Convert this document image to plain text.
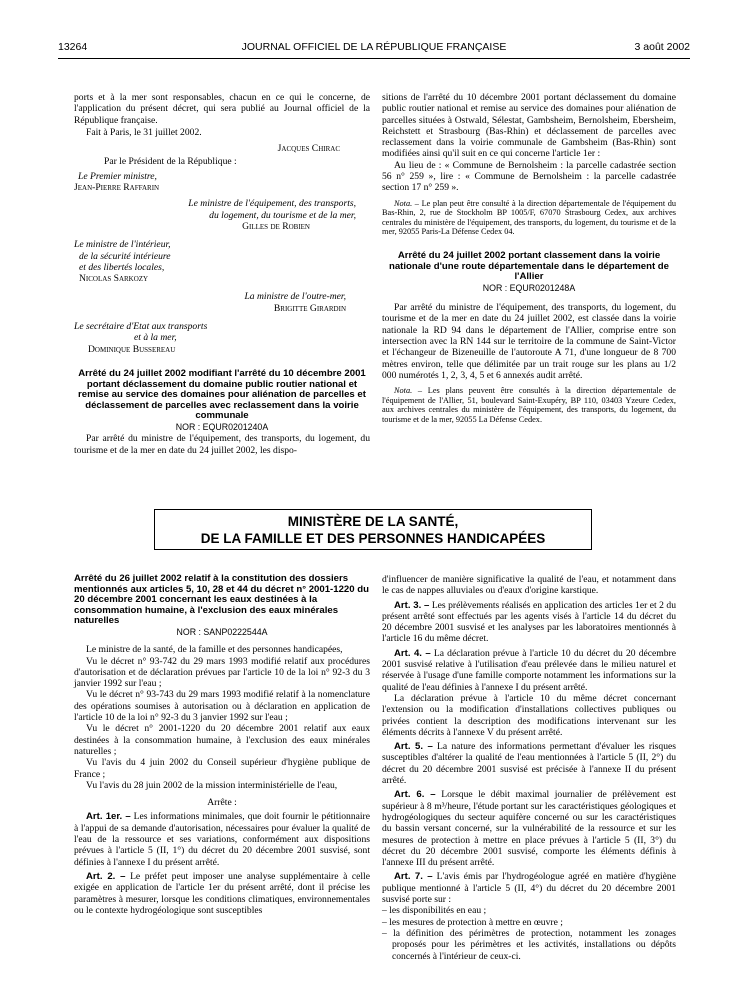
13264	JOURNAL OFFICIEL DE LA RÉPUBLIQUE FRANÇAISE	3 août 2002

ports et à la mer sont responsables, chacun en ce qui le concerne, de l'application du présent décret, qui sera publié au Journal officiel de la République française.

Fait à Paris, le 31 juillet 2002.

Jacques Chirac

Par le Président de la République :

Le Premier ministre,

Jean-Pierre Raffarin

Le ministre de l'équipement, des transports,

du logement, du tourisme et de la mer,

Gilles de Robien

Le ministre de l'intérieur,

de la sécurité intérieure

et des libertés locales,

Nicolas Sarkozy

La ministre de l'outre-mer,

Brigitte Girardin

Le secrétaire d'Etat aux transports

et à la mer,

Dominique Bussereau

Arrêté du 24 juillet 2002 modifiant l'arrêté du 10 décembre 2001 portant déclassement du domaine public routier national et remise au service des domaines pour aliénation de parcelles et déclassement de parcelles avec reclassement dans la voirie communale

NOR : EQUR0201240A

Par arrêté du ministre de l'équipement, des transports, du logement, du tourisme et de la mer en date du 24 juillet 2002, les dispo-

sitions de l'arrêté du 10 décembre 2001 portant déclassement du domaine public routier national et remise au service des domaines pour aliénation de parcelles situées à Ostwald, Sélestat, Gambsheim, Bernolsheim, Ebersheim, Reichstett et Strasbourg (Bas-Rhin) et déclassement de parcelles avec reclassement dans la voirie communale de Gambsheim (Bas-Rhin) sont modifiées ainsi qu'il suit en ce qui concerne l'article 1er :

Au lieu de : « Commune de Bernolsheim : la parcelle cadastrée section 56 n° 259 », lire : « Commune de Bernolsheim : la parcelle cadastrée section 17 n° 259 ».

Nota. – Le plan peut être consulté à la direction départementale de l'équipement du Bas-Rhin, 2, rue de Stockholm BP 1005/F, 67070 Strasbourg Cedex, aux archives centrales du ministère de l'équipement, des transports, du logement, du tourisme et de la mer, 92055 Paris-La Défense Cedex 04.

Arrêté du 24 juillet 2002 portant classement dans la voirie nationale d'une route départementale dans le département de l'Allier

NOR : EQUR0201248A

Par arrêté du ministre de l'équipement, des transports, du logement, du tourisme et de la mer en date du 24 juillet 2002, est classée dans la voirie nationale la RD 94 dans le département de l'Allier, comprise entre son intersection avec la RN 144 sur le territoire de la commune de Saint-Victor et l'échangeur de Bizeneuille de l'autoroute A 71, d'une longueur de 8 700 mètres environ, telle que délimitée par un trait rouge sur les plans au 1/2 000 numérotés 1, 2, 3, 4, 5 et 6 annexés audit arrêté.

Nota. – Les plans peuvent être consultés à la direction départementale de l'équipement de l'Allier, 51, boulevard Saint-Exupéry, BP 110, 03403 Yzeure Cedex, aux archives centrales du ministère de l'équipement, des transports, du logement, du tourisme et de la mer, 92055 La Défense Cedex.

MINISTÈRE DE LA SANTÉ,
DE LA FAMILLE ET DES PERSONNES HANDICAPÉES

Arrêté du 26 juillet 2002 relatif à la constitution des dossiers mentionnés aux articles 5, 10, 28 et 44 du décret n° 2001-1220 du 20 décembre 2001 concernant les eaux destinées à la consommation humaine, à l'exclusion des eaux minérales naturelles

NOR : SANP0222544A

Le ministre de la santé, de la famille et des personnes handicapées,

Vu le décret n° 93-742 du 29 mars 1993 modifié relatif aux procédures d'autorisation et de déclaration prévues par l'article 10 de la loi n° 92-3 du 3 janvier 1992 sur l'eau ;

Vu le décret n° 93-743 du 29 mars 1993 modifié relatif à la nomenclature des opérations soumises à autorisation ou à déclaration en application de l'article 10 de la loi n° 92-3 du 3 janvier 1992 sur l'eau ;

Vu le décret n° 2001-1220 du 20 décembre 2001 relatif aux eaux destinées à la consommation humaine, à l'exclusion des eaux minérales naturelles ;

Vu l'avis du 4 juin 2002 du Conseil supérieur d'hygiène publique de France ;

Vu l'avis du 28 juin 2002 de la mission interministérielle de l'eau,

Arrête :

Art. 1er. – Les informations minimales, que doit fournir le pétitionnaire à l'appui de sa demande d'autorisation, nécessaires pour évaluer la qualité de l'eau de la ressource et ses variations, conformément aux dispositions prévues à l'article 5 (II, 1°) du décret du 20 décembre 2001 susvisé, sont définies à l'annexe I du présent arrêté.

Art. 2. – Le préfet peut imposer une analyse supplémentaire à celle exigée en application de l'article 1er du présent arrêté, dont il précise les paramètres à mesurer, lorsque les conditions climatiques, environnementales ou le contexte hydrogéologique sont susceptibles

d'influencer de manière significative la qualité de l'eau, et notamment dans le cas de nappes alluviales ou d'eaux d'origine karstique.

Art. 3. – Les prélèvements réalisés en application des articles 1er et 2 du présent arrêté sont effectués par les agents visés à l'article 14 du décret du 20 décembre 2001 susvisé et les analyses par les laboratoires mentionnés à l'article 16 du même décret.

Art. 4. – La déclaration prévue à l'article 10 du décret du 20 décembre 2001 susvisé relative à l'utilisation d'eau prélevée dans le milieu naturel et réservée à l'usage d'une famille comporte notamment les informations sur la qualité de l'eau définies à l'annexe I du présent arrêté.

La déclaration prévue à l'article 10 du même décret concernant l'extension ou la modification d'installations collectives publiques ou privées contient la description des modifications intervenant sur les éléments décrits à l'annexe V du présent arrêté.

Art. 5. – La nature des informations permettant d'évaluer les risques susceptibles d'altérer la qualité de l'eau mentionnées à l'article 5 (II, 2°) du décret du 20 décembre 2001 susvisé est précisée à l'annexe II du présent arrêté.

Art. 6. – Lorsque le débit maximal journalier de prélèvement est supérieur à 8 m³/heure, l'étude portant sur les caractéristiques géologiques et hydrogéologiques du secteur aquifère concerné ou sur les caractéristiques du bassin versant concerné, sur la vulnérabilité de la ressource et sur les mesures de protection à mettre en place prévues à l'article 5 (II, 3°) du décret du 20 décembre 2001 susvisé, comporte les éléments définis à l'annexe III du présent arrêté.

Art. 7. – L'avis émis par l'hydrogéologue agréé en matière d'hygiène publique mentionné à l'article 5 (II, 4°) du décret du 20 décembre 2001 susvisé porte sur :

– les disponibilités en eau ;

– les mesures de protection à mettre en œuvre ;

– la définition des périmètres de protection, notamment les zonages proposés pour les périmètres et les activités, installations ou dépôts concernés à l'intérieur de ceux-ci.
